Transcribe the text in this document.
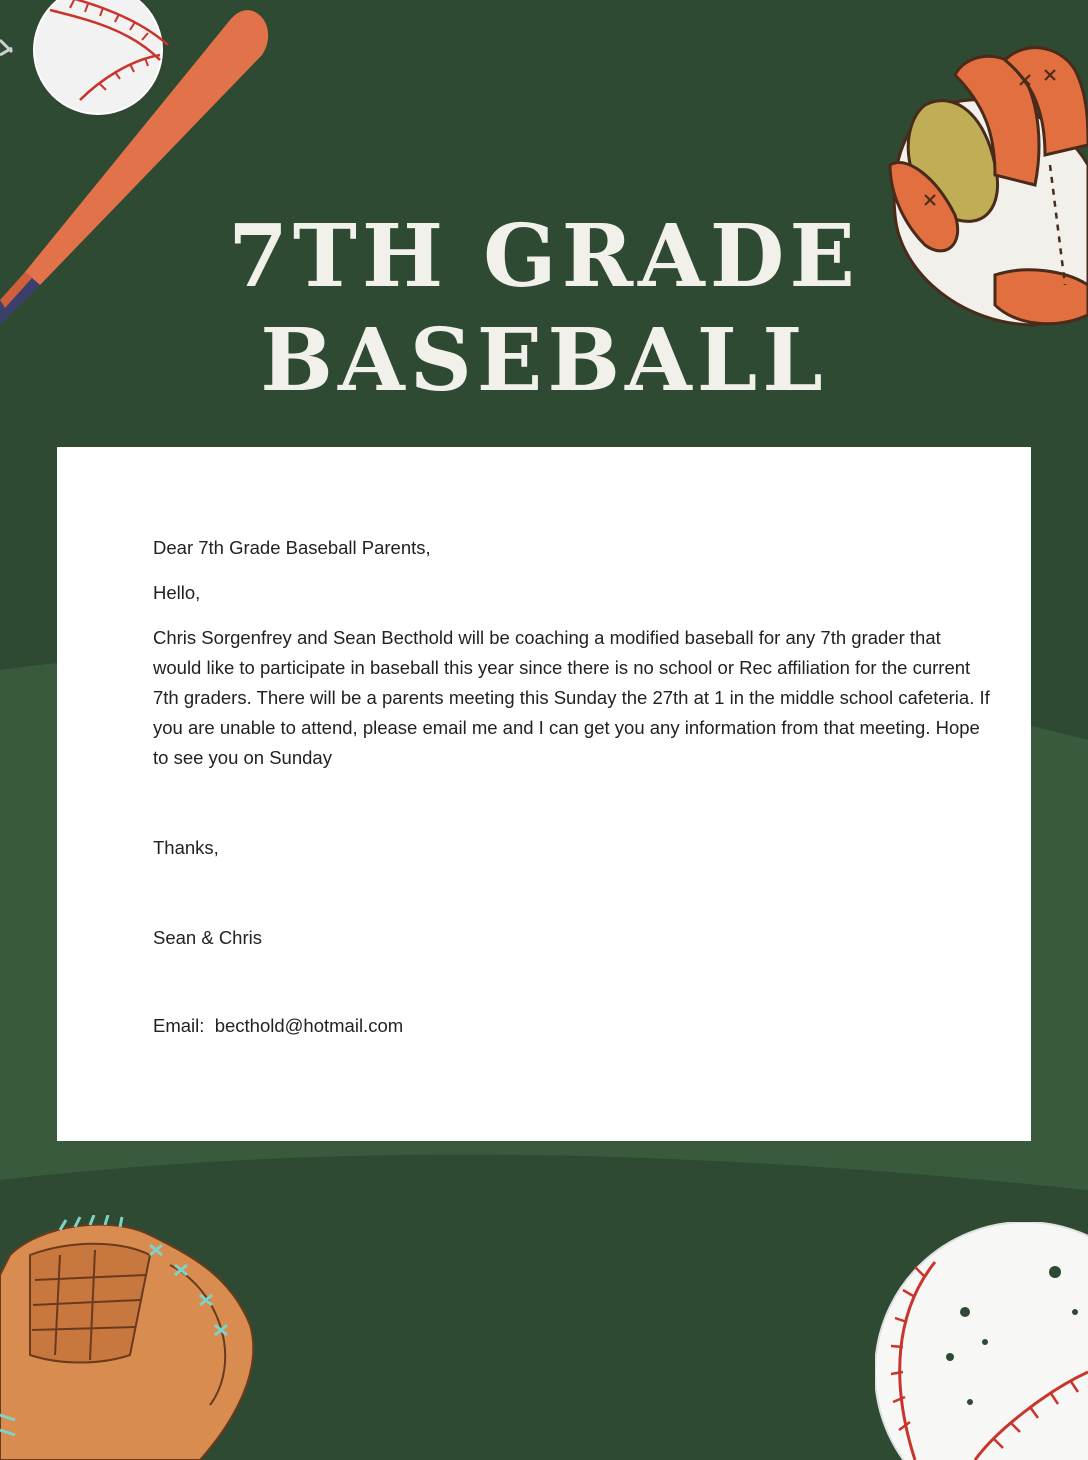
7TH GRADE
BASEBALL

Dear 7th Grade Baseball Parents,

Hello,

Chris Sorgenfrey and Sean Becthold will be coaching a modified baseball for any 7th grader that would like to participate in baseball this year since there is no school or Rec affiliation for the current 7th graders. There will be a parents meeting this Sunday the 27th at 1 in the middle school cafeteria. If you are unable to attend, please email me and I can get you any information from that meeting. Hope to see you on Sunday

Thanks,

Sean & Chris

Email: becthold@hotmail.com
